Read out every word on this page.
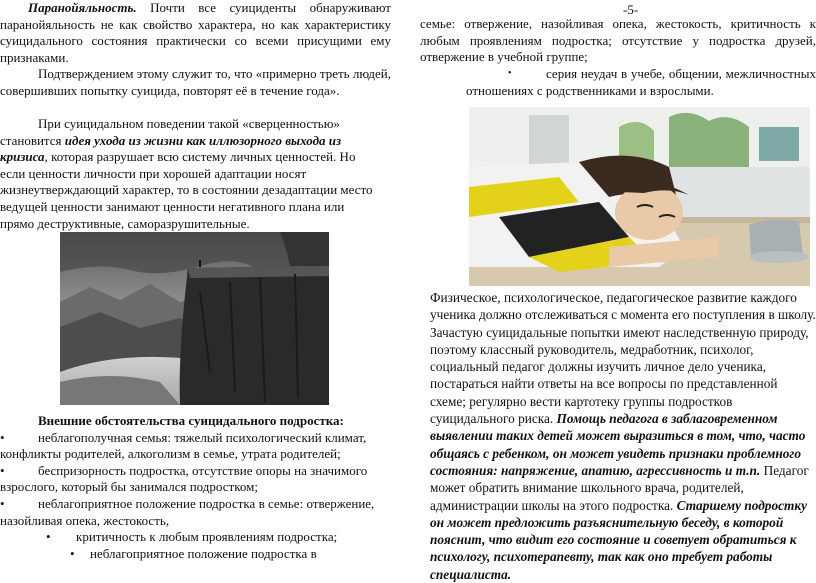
-5-

Паранойяльность. Почти все суициденты обнаруживают паранойяльность не как свойство характера, но как характеристику суицидального состояния практически со всеми присущими ему признаками.

Подтверждением этому служит то, что «примерно треть людей, совершивших попытку суицида, повторят её в течение года».

При суицидальном поведении такой «сверценностью» становится идея ухода из жизни как иллюзорного выхода из кризиса, которая разрушает всю систему личных ценностей. Но если ценности личности при хорошей адаптации носят жизнеутверждающий характер, то в состоянии дезадаптации место ведущей ценности занимают ценности негативного плана или прямо деструктивные, саморазрушительные.

Внешние обстоятельства суицидального подростка:

•	неблагополучная семья: тяжелый психологический климат, конфликты родителей, алкоголизм в семье, утрата родителей;

•	беспризорность подростка, отсутствие опоры на значимого взрослого, который бы занимался подростком;

•	неблагоприятное положение подростка в семье: отвержение, назойливая опека, жестокость,

• критичность к любым проявлениям подростка;

• неблагоприятное положение подростка в

семье: отвержение, назойливая опека, жестокость, критичность к любым проявлениям подростка; отсутствие у подростка друзей, отвержение в учебной группе;

•	серия неудач в учебе, общении, межличностных отношениях с родственниками и взрослыми.

Физическое, психологическое, педагогическое развитие каждого ученика должно отслеживаться с момента его поступления в школу. Зачастую суицидальные попытки имеют наследственную природу, поэтому классный руководитель, медработник, психолог, социальный педагог должны изучить личное дело ученика, постараться найти ответы на все вопросы по представленной схеме; регулярно вести картотеку группы подростков суицидального риска. Помощь педагога в заблаговременном выявлении таких детей может выразиться в том, что, часто общаясь с ребенком, он может увидеть признаки проблемного состояния: напряжение, апатию, агрессивность и т.п. Педагог может обратить внимание школьного врача, родителей, администрации школы на этого подростка. Старшему подростку он может предложить разъяснительную беседу, в которой пояснит, что видит его состояние и советует обратиться к психологу, психотерапевту, так как оно требует работы специалиста.
